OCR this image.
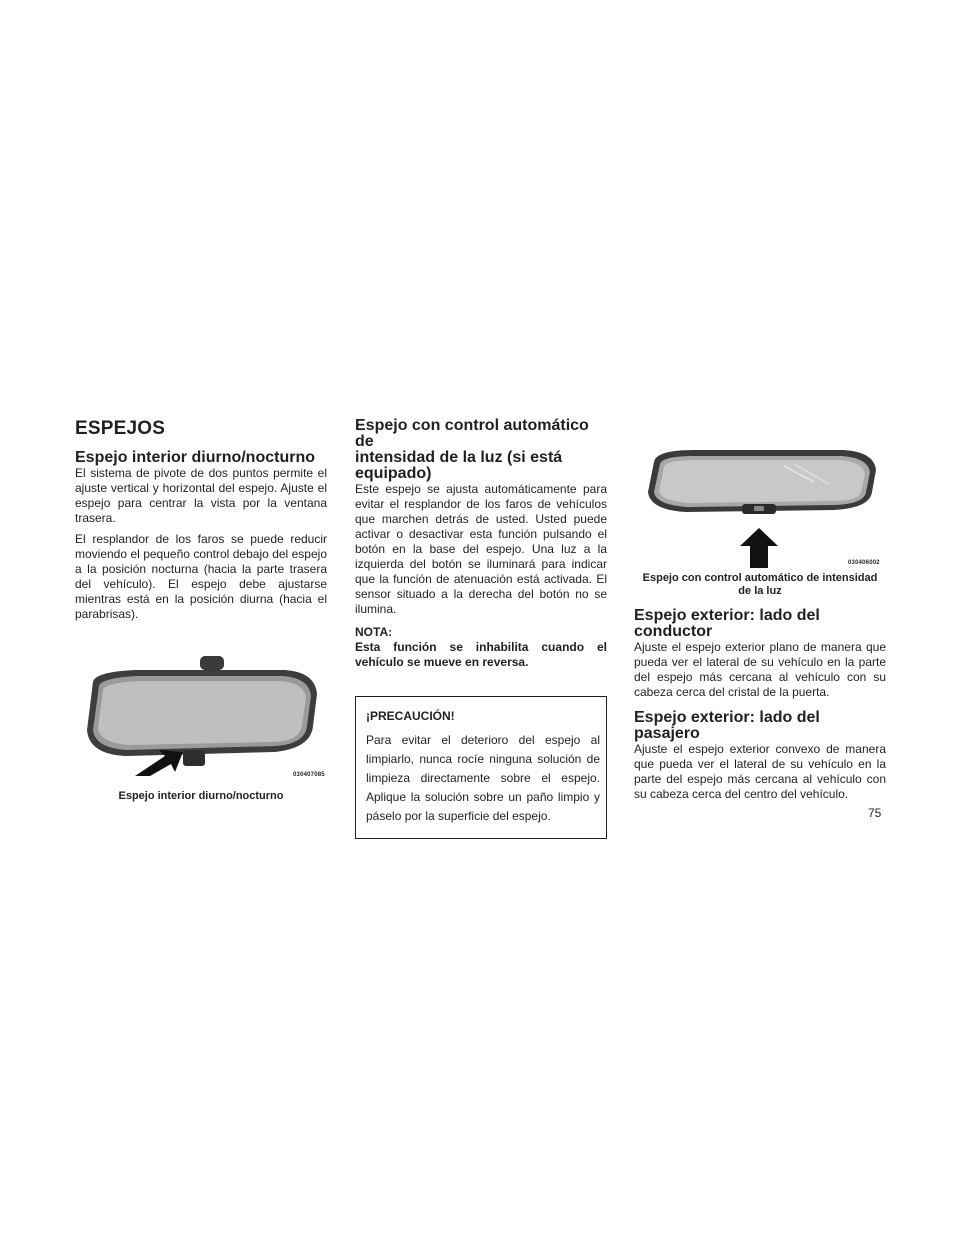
ESPEJOS
Espejo interior diurno/nocturno

El sistema de pivote de dos puntos permite el ajuste vertical y horizontal del espejo. Ajuste el espejo para centrar la vista por la ventana trasera.

El resplandor de los faros se puede reducir moviendo el pequeño control debajo del espejo a la posición nocturna (hacia la parte trasera del vehículo). El espejo debe ajustarse mientras está en la posición diurna (hacia el parabrisas).

030407085
Espejo interior diurno/nocturno
Espejo con control automático de
intensidad de la luz (si está
equipado)

Este espejo se ajusta automáticamente para evitar el resplandor de los faros de vehículos que marchen detrás de usted. Usted puede activar o desactivar esta función pulsando el botón en la base del espejo. Una luz a la izquierda del botón se iluminará para indicar que la función de atenuación está activada. El sensor situado a la derecha del botón no se ilumina.

NOTA:
Esta función se inhabilita cuando el vehículo se mueve en reversa.
¡PRECAUCIÓN!

Para evitar el deterioro del espejo al limpiarlo, nunca rocíe ninguna solución de limpieza directamente sobre el espejo. Aplique la solución sobre un paño limpio y páselo por la superficie del espejo.

030406002
Espejo con control automático de intensidad
de la luz
Espejo exterior: lado del conductor

Ajuste el espejo exterior plano de manera que pueda ver el lateral de su vehículo en la parte del espejo más cercana al vehículo con su cabeza cerca del cristal de la puerta.

Espejo exterior: lado del pasajero

Ajuste el espejo exterior convexo de manera que pueda ver el lateral de su vehículo en la parte del espejo más cercana al vehículo con su cabeza cerca del centro del vehículo.

75
